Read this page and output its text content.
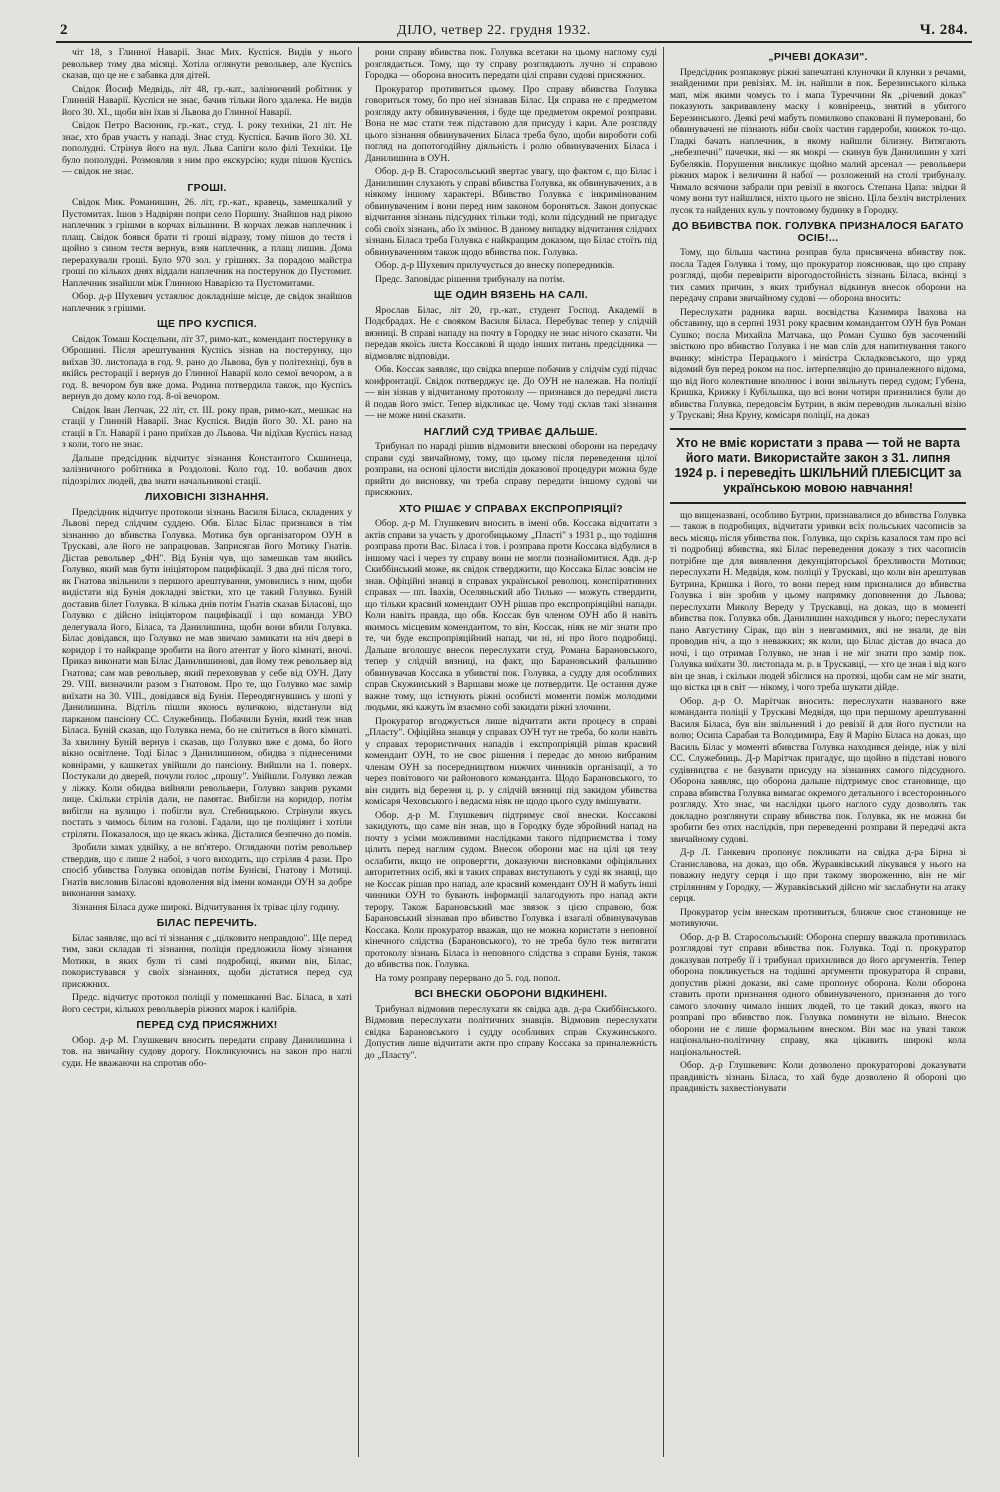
2	ДІЛО, четвер 22. грудня 1932.	Ч. 284.

чіт 18, з Глинної Наварії. Знає Мих. Куспіся. Видів у нього револьвер тому два місяці. Хотіла оглянути револьвер, але Куспісь сказав, що це не є забавка для дітей.

Свідок Йосиф Медвідь, літ 48, гр.-кат., залізничний робітник у Глинній Наварії. Куспіся не знає, бачив тільки його здалека. Не видів його 30. XI., щоби він їхав зі Львова до Глинної Наварії.

Свідок Петро Васюник, гр.-кат., студ. І. року техніки, 21 літ. Не знає, хто брав участь у нападі. Знає студ. Куспіся. Бачив його 30. XI. пополудні. Стрінув його на вул. Льва Сапіги коло філі Техніки. Це було пополудні. Розмовляв з ним про екскурсію; куди пішов Куспісь — свідок не знає.

ГРОШІ.

Свідок Мик. Романишин, 26. літ, гр.-кат., кравець, замешкалий у Пустомитах. Ішов з Надвірян попри село Поршну. Знайшов над рікою наплечник з грішми в корчах вільшини. В корчах лежав наплечник і плащ. Свідок боявся брати ті гроші відразу, тому пішов до тестя і щойно з сином тестя вернув, взяв наплечник, а плащ лишив. Дома перерахували гроші. Було 970 зол. у грішнях. За порадою майстра гроші по кількох днях віддали наплечник на постерунок до Пустомит. Наплечник знайшли між Глинною Наварією та Пустомитами.

Обор. д-р Шухевич устаялює докладніше місце, де свідок знайшов наплечник з грішми.

ЩЕ ПРО КУСПІСЯ.

Свідок Томаш Косцельни, літ 37, римо-кат., комендант постерунку в Оброшині. Після арештування Куспісь зізнав на постерунку, що виїхав 30. листопада в год. 9. рано до Львова, був у політехніці, був в якійсь ресторації і вернув до Глинної Наварії коло семої вечором, а в год. 8. вечором був вже дома. Родина потвердила також, що Куспісь вернув до дому коло год. 8-ої вечором.

Свідок Іван Лепчак, 22 літ, ст. ІІІ. року прав, римо-кат., мешкає на стації у Глинній Наварії. Знає Куспіся. Видів його 30. XI. рано на стації в Гл. Наварії і рано приїхав до Львова. Чи відїхав Куспісь назад з коли, того не знає.

Дальше предсідник відчитує зізнання Константого Скшинеца, залізничного робітника в Роздолові. Коло год. 10. вобачив двох підозрілих людей, два знати начальникові стації.

ЛИХОВІСНІ ЗІЗНАННЯ.

Предсідник відчитує протоколи зізнань Василя Біласа, складених у Львові перед слідчим суддею. Обв. Білас Білас признався в тім зізнанню до вбивства Голувка. Мотика був організатором ОУН в Трускаві, але його не запрацював. Заприсягав його Мотику Гнатів. Дістав револьвер „ФН". Від Бунія чув, що замешкав там якийсь Голувко, який мав бути ініціятором пацифікації. З два дні після того, як Гнатова звільнили з першого арештування, умовились з ним, щоби видістати від Бунія докладні звістки, хто це такий Голувко. Буній доставив білет Голувка. В кілька днів потім Гнатів сказав Біласові, що Голувко є дійсно ініціятором пацифікації і що команда УВО делегувала його, Біласа, та Данилишина, щоби вони вбили Голувка. Білас довідався, що Голувко не мав звичаю замикати на ніч двері в коридор і то найкраще зробити на його атентат у його кімнаті, вночі. Приказ виконати мав Білас Данилишинові, дав йому теж револьвер від Гнатова; сам мав револьвер, який переховував у себе від ОУН. Дату 29. VIII. визначили разом з Гнатовом. Про те, що Голувко має замір виїхати на 30. VIII., довідався від Бунія. Переодягнувшись у шопі у Данилишина. Відтіль пішли якоюсь вуличкою, відстанули від парканом пансіону СС. Служебниць. Побачили Бунія, який теж знав Біласа. Буній сказав, що Голувка нема, бо не світиться в його кімнаті. За хвилину Буній вернув і сказав, що Голувко вже є дома, бо його вікно освітлене. Тоді Білас з Данилишином, обидва з піднесеними ковнірами, у кашкетах увійшли до пансіону. Вийшли на 1. поверх. Постукали до дверей, почули голос „прошу". Увійшли. Голувко лежав у ліжку. Коли обидва вийняли револьвери, Голувко закрив руками лице. Скільки стрілів дали, не памятає. Вибігли на коридор, потім вибігли на вулицю і побігли вул. Стебницькою. Стрінули якусь постать з чимось білим на голові. Гадали, що це поліціянт і хотіли стріляти. Показалося, що це якась жінка. Дісталися безпечно до помів.

Зробили замах удвійку, а не вп'ятеро. Оглядаючи потім револьвер ствердив, що є лише 2 набої, з чого виходить, що стріляв 4 рази. Про спосіб убивства Голувка оповідав потім Бунієві, Гнатову і Мотиці. Гнатів висловив Біласові вдоволення від імени команди ОУН за добре виконання замаху.

Зізнання Біласа дуже широкі. Відчитування їх тріває цілу годину.

БІЛАС ПЕРЕЧИТЬ.

Білас заявляє, що всі ті зізнання є „цілковито неправдою". Ще перед тим, заки складав ті зізнання, поліція предложила йому зізнання Мотики, в яких були ті самі подробиці, якими він, Білас, покористувався у своїх зізнаннях, щоби дістатися перед суд присяжних.

Предс. відчитує протокол поліції у помешканні Вас. Біласа, в хаті його сестри, кількох револьверів ріжних марок і калібрів.

ПЕРЕД СУД ПРИСЯЖНИХ!

Обор. д-р М. Глушкевич вносить передати справу Данилишина і тов. на звичайну судову дорогу. Покликуючись на закон про наглі суди. Не вважаючи на спротив обо-

рони справу вбивства пок. Голувка всетаки на цьому наглому суді розглядається. Тому, що ту справу розглядають лучно зі справою Городка — оборона вносить передати цілі справи судові присяжних.

Прокуратор противиться цьому. Про справу вбивства Голувка говориться тому, бо про неї зізнавав Білас. Ця справа не є предметом розгляду акту обвинувачення, і буде ще предметом окремої розправи. Вона не має стати теж підставою для присуду і кари. Але розгляду цього зізнання обвинувачених Біласа треба було, щоби вироботи собі погляд на допотогодійну діяльність і ролю обвинувачених Біласа і Данилишина в ОУН.

Обор. д-р В. Старосольський звертає увагу, що фактом є, що Білас і Данилишин слухають у справі вбивства Голувка, як обвинувачених, а в ніякому іншому характері. Вбивство Голувка є інкримінованим обвинуваченим і вони перед ним законом бороняться. Закон допускає відчитання зізнань підсудних тільки тоді, коли підсудний не пригадує собі своїх зізнань, або їх змінює. В даному випадку відчитання слідчих зізнань Біласа треба Голувка є найкращим доказом, що Білас стоїть під обвинуваченням також щодо вбивства пок. Голувка.

Обор. д-р Шухевич прилучується до внеску попередників.

Предс. Заповідає рішення трибуналу на потім.

ЩЕ ОДИН ВЯЗЕНЬ НА САЛІ.

Ярослав Білас, літ 20, гр.-кат., студент Господ. Академії в Подєбрадах. Не є свояком Василя Біласа. Перебуває тепер у слідчій вязниці. В справі нападу на почту в Городку не знає нічого сказати. Чи передав якоїсь листа Коссакові й щодо інших питань предсідника — відмовляє відповіди.

Обв. Коссак заявляє, що свідка вперше побачив у слідчім суді підчас конфронтації. Свідок потверджує це. До ОУН не належав. На поліції — він зізнав у відчитаному протоколу — признався до передачі листа й подав його зміст. Тепер відкликає це. Чому тоді склав такі зізнання — не може нині сказати.

НАГЛИЙ СУД ТРИВАЄ ДАЛЬШЕ.

Трибунал по нараді рішив відмовити внескові оборони на передачу справи суді звичайному, тому, що цьому після переведення цілої розправи, на основі цілости вислідів доказової процедури можна буде прийти до висновку, чи треба справу передати іншому судові чи присяжних.

ХТО РІШАЄ У СПРАВАХ ЕКСПРОПРІЯЦІЇ?

Обор. д-р М. Глушкевич вносить в імені обв. Коссака відчитати з актів справи за участь у дрогобицькому „Пласті" з 1931 р., що тодішня розправа проти Вас. Біласа і тов. і розправа проти Коссака відбулися в іншому часі і через ту справу вони не могли познайомитися. Адв. д-р Скиббінський може, як свідок стверджити, що Коссака Білас зовсім не знав. Офіційні знавці в справах української революц. конспіративних справах — пп. Івахів, Оселяньский або Тилько — можуть ствердити, що тільки красвий комендант ОУН рішав про експропріяційні напади. Коли навіть правда, що обв. Коссак був членом ОУН або й навіть якимось місцевим комендантом, то він, Коссак, ніяк не міг знати про те, чи буде експропріяційний напад, чи ні, ні про його подробиці. Дальше вголошує внесок переслухати студ. Романа Барановського, тепер у слідчій вязниці, на факт, що Барановський фальшиво обвинувачав Коссака в убивстві пок. Голувка, а судду для особливих справ Скужинський з Варшави може це потвердити. Це остання дуже важне тому, що істнують ріжні особисті моменти поміж молодими людьми, які кажуть їм взаємно собі закидати ріжні злочини.

Прокуратор вгоджується лише відчитати акти процесу в справі „Пласту". Офіційна знавця у справах ОУН тут не треба, бо коли навіть у справах терористичних нападів і експропріяцій рішав красвий комендант ОУН, то не своє рішення і передає до мною вибраним членам ОУН за посередництвом нижчих чинників організації, а то через повітового чи районового команданта. Щодо Барановського, то він сидить від березня ц. р. у слідчій вязниці під закидом убивства комісаря Чеховського і ведасма ніяк не щодо цього суду вмішувати.

Обор. д-р М. Глушкевич підтримує свої внески. Коссакові закидують, що саме він знав, що в Городку буде збройний напад на почту з усіми можливими наслідками такого підприємства і тому цілить перед наглим судом. Внесок оборони має на цілі ця тезу ослабити, якщо не опровергти, доказуючи висновками офіціяльних авторитетних осіб, які в таких справах виступають у суді як знавці, що не Коссак рішав про напад, але красвий комендант ОУН й мабуть інші чинники ОУН то бувають інформації залагодують про напад акти терору. Також Барановський має звязок з цією справою, бож Барановський зізнавав про вбивство Голувка і взагалі обвинувачував Коссака. Коли прокуратор вважав, що не можна користати з неповної кінечного слідства (Барановського), то не треба було теж витягати протоколу зізнань Біласа із неповного слідства з справи Бунія, також до вбивства пок. Голувка.

На тому розправу перервано до 5. год. попол.

ВСІ ВНЕСКИ ОБОРОНИ ВІДКИНЕНІ.

Трибунал відмовив переслухати як свідка адв. д-ра Скиббінського. Відмовив переслухати політичних знавців. Відмовив переслухати свідка Барановського і судду особливих справ Скужинського. Допустив лише відчитати акти про справу Коссака за приналежність до „Пласту".

„РІЧЕВІ ДОКАЗИ".

Предсідник розпаковує ріжні запечатані клуночки й клунки з речами, знайденими при ревізіях. М. ін. найшли в пок. Березинського кілька мап, між якими чомусь то і мапа Туреччини Як „річевий доказ" показують закривавлену маску і ковніреець, знятий в убитого Березинського. Деякі речі мабуть помилково спаковані й пумеровані, бо обвинувачені не пізнають ніби своїх частин гардероби, книжок то-що. Гладкі бачать наплечник, в якому найшли білизну. Витягають „небезпечні" пачечки, які — як мокрі — скинув був Данилишин у хаті Бубеляків. Порушення викликує щойно малий арсенал — револьвери ріжних марок і величини й набої — розложений на столі трибуналу. Чимало всячини забрали при ревізії в якогось Степана Цапа: звідки й чому вони тут найшлися, ніхто цього не звісно. Ціла безліч вистрілених лусок та найдених куль у почтовому будинку в Городку.

ДО ВБИВСТВА ПОК. ГОЛУВКА ПРИЗНАЛОСЯ БАГАТО ОСІБ!...

Тому, що більша частина розправ була присвячена вбивству пок. посла Тадея Голувка і тому, що прокуратор пояснював, що цю справу розгляді, щоби перевірити вірогодостойність зізнань Біласа, вкінці з тих самих причин, з яких трибунал відкинув внесок оборони на передачу справи звичайному судові — оборона вносить:

Переслухати радника варш. воєвідства Казимира Іваховa на обставину, що в серпні 1931 року краєвим командантом ОУН був Роман Сушко; посла Михайла Матчака, що Роман Сушко був засоченийі звісткою про вбивство Голувка і не мав слів для напитнування такого вчинку; міністра Перацького і міністра Складковського, що уряд відомий був перед роком на пос. інтерпеляцію до приналежного відома, що від його колективне вполнюс і вони звільнуть перед судом; Губена, Кришка, Крижку і Кубільшка, що всі вони чотири признилися були до вбивства Голувка, передовсім Бутрин, в якім переводив льокальні візію у Трускаві; Яна Круну, комісаря поліції, на доказ

Хто не вміє користати з права — той не варта його мати. Використайте закон з 31. липня 1924 р. і переведіть ШКІЛЬНИЙ ПЛЕБІСЦИТ за українською мовою навчання!

що вищеназвані, особливо Бутрин, признавалися до вбивства Голувка — також в подробицях, відчитати уривки всіх польських часописів за весь місяць після убивства пок. Голувка, що скрізь казалося там про всі ті подробиці вбивства, які Білас переведення доказу з тих часописів потрібне ще для виявлення декунціяторської брехливости Мотики; переслухати Н. Медвідя, ком. поліції у Трускаві, що коли він арештував Бутрина, Кришка і його, то вони перед ним призналися до вбивства Голувка і він зробив у цьому напрямку доповнення до Львова; переслухати Миколу Вереду у Трускавці, на доказ, що в моменті вбивства пок. Голувка обв. Данилишин находився у нього; переслухати пано Августину Сірак, що він з невгамимих, які не знали, де він проводив ніч, а що з неважких; як коли, що Білас дістав до вчаса до ночі, і що отримав Голувко, не знав і не міг знати про замір пок. Голувка виїхати 30. листопада м. р. в Трускавці, — хто це знав і від кого він це знав, і скільки людей збіглися на протязі, щоби сам не міг знати, що вістка ця в світ — нікому, і чого треба шукати дійде.

Обор. д-р О. Марітчак вносить: переслухати названого вже команданта поліції у Трускаві Медвідя, що при першому арештуванні Василя Біласа, був він звільнений і до ревізії й для його пустили на волю; Осипа Сарабая та Володимира, Еву й Марію Біласа на доказ, що Василь Білас у моменті вбивства Голувка находився деінде, ніж у вілі СС. Служебниць. Д-р Марітчак пригадує, що щойно в підставі нового судівництва є не базувати присуду на зізнаннях самого підсудного. Оборона заявляє, що оборона дальше підтримує своє становище, що справа вбивства Голувка вимагає окремого детального і всестороннього розгляду. Хто знає, чи наслідки цього наглого суду дозволять так докладно розглянути справу вбивства пок. Голувка, як не можна би зробити без отих наслідків, при переведенні розправи й передачі акта звичайному судові.

Д-р Л. Ганкевич пропонує покликати на свідка д-ра Бірна зі Станиславова, на доказ, що обв. Журавківський лікувався у нього на поважну недугу серця і що при такому звороженню, він не міг стрілянням у Городку, — Журавківський дійсно міг заслабнути на атаку серця.

Прокуратор усім внескам противиться, ближче своє становище не мотивуючи.

Обор. д-р В. Старосольський: Оборона спершу вважала противилась розглядові тут справи вбивства пок. Голувка. Тоді п. прокуратор доказував потребу її і трибунал прихилився до його аргументів. Тепер оборона покликується на тодішні аргументи прокуратора й справи, допустив ріжні докази, які саме пропонує оборона. Коли оборона ставить проти признання одного обвинуваченого, признання до того самого злочину чимало інших людей, то це такий доказ, якого на розправі про вбивство пок. Голувка поминути не вільно. Внесок оборони не є лише формальним внеском. Він має на увазі також національно-політичну справу, яка цікавить широкі кола національностей.

Обор. д-р Глушкевич: Коли дозволено прокураторові доказувати правдивість зізнань Біласа, то хай буде дозволено й обороні цю правдивість захвестіонувати
